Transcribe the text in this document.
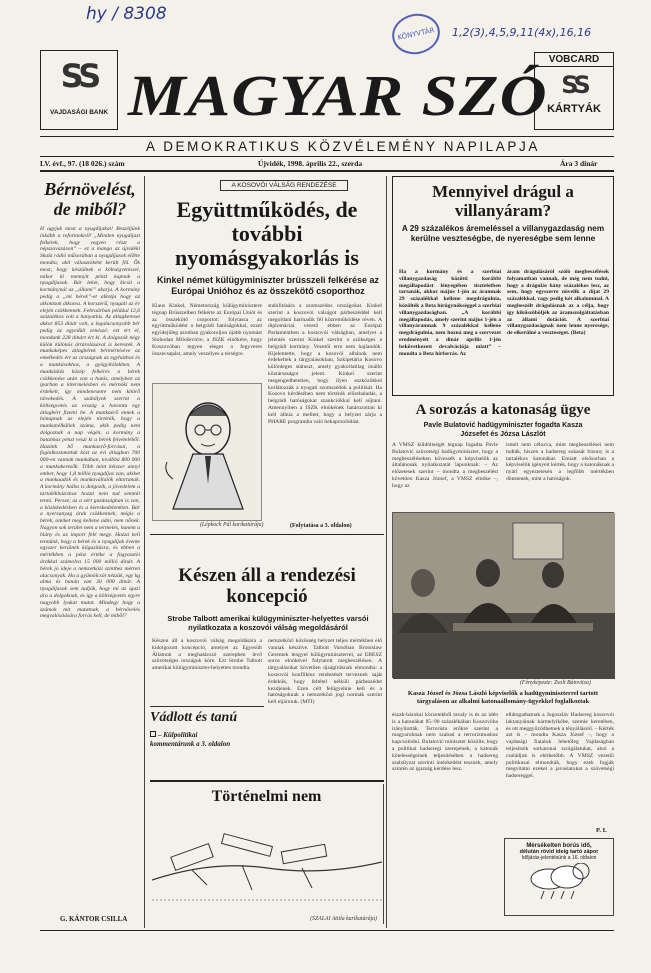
hy / 8308
1,2(3),4,5,9,11(4x),16,16
KÖNYVTÁR
SS
VAJDASÁGI BANK
VOBCARD
SS
KÁRTYÁK
MAGYAR SZÓ
A DEMOKRATIKUS KÖZVÉLEMÉNY NAPILAPJA
LV. évf., 97. (18 026.) szám	Újvidék, 1998. április 22., szerda	Ára 3 dinár
Bérnövelést, de miből?
H agyjuk most a nyugdíjakat! Beszéljünk inkább a reformokról! „Minden nyugdíjast felkérek, hogy vegyen részt a népszavazáson” – ez a mango az újvidéki Skala rádió műsorában a nyugdíjasok előtte mondta, akit választóként került föl. Ők most, hogy készülnek a költségvetéssel, mikor ki mennyit pénzt kapnak a nyugdíjasok. Bár leket, hogy kicsit a kormánynál az „állami” akarja. A kormány pedig a „mi bérek”-et alkotja hogy az alkotások átkozva. A korszerű, nyugati az év elején csökkennek. Februárban például 12,6 százalékos volt a hanyatlás. Az átlagkereset akkor 853 dinár volt, a legalacsonyabb bér pedig az egyedüli zenészé: ezt ért el, mondunk 228 dinárt ért ki. A dolgozók négy külön különös ártárolásával is kerestek. A munkaképes átlagbérek bérmértéséve az emelkedés ért az országnak az egyházhoz és a munkásokhoz, a gyógyítólakben. A munkáskéz közép felkérés a bérek csökkenése után van a hatás, amelyben az iparban a kitermelésben és mérnöki nem érdekelt, így mindenesetre nem kitörő növekedés. A szabályok szerint a költségvetés az ország a havonta egy átlagbért fizetni be. A munkaerő ennek a hónapnak az elején történik, hogy a munkanélküliek száma, akik pedig nem dolgoznak a nap végén, a kormány a hatalmas pénzt veszi ki a bérek felvételéből. Hazánk bő munkaerő-forrásai, a foglalkoztatottak közt az évi átlagban 700 000-en vannak munkában, továbbá 800 000 a munkakeresők. Több mint kétszer annyi ember, hogy 1,8 millió nyugdíjas van, akiket a munkaadók és munkavállalók eltartanak. A kormány hiába is dolgozik, a jövedelem a tartalékbázishoz hozzá nem tud semmit tenni. Persze, az a sért gazdaságban is van, a közlekedésben és a kereskedelemben. Bár a nyersanyag árak csökkennek, mégis a bérek, amiket meg kellene adni, nem nőnek. Nagyon sok terület nem a termelés, hanem a hiány és az import felé megy. Hozzá kell tennünk, hogy a bérek és a nyugdíjak évente egyszer kerülnek kiigazításra, és ebben a mértékben a pénz értéke a fogyasztói árakkal számolva 15 000 millió dinár. A bérek jó ideje a nemzetközi szinthez mérten alacsonyak. Ha a gyümölcsöt nézzük, egy kg alma és banán van 30 000 dinár. A nyugdíjasok sem tudják, hogy mi az igazi ára a dolgoknak, és így a költségvetés egyre nagyobb lyukat mutat. Mindegy hogy a számok mit mutatnak, a bérnövelés megvalósítására forrás kell, de miből?
G. KÁNTOR CSILLA
A KOSOVÓI VÁLSÁG RENDEZÉSE
Együttműködés, de további nyomásgyakorlás is
Kinkel német külügyminiszter brüsszeli felkérése az Európai Unióhoz és az összekötő csoporthoz
Klaus Kinkel, Németország külügyminisztere tegnap Brüsszelben felkérte az Európai Uniót és az összekötő csoportot: folytassa az együttműködést a belgrádi hatóságokkal, ezzel egyidejűleg azonban gyakoroljon újabb nyomást Slobodan Miloševićre, a JSZK elnökére, hogy Koszovóban tegyen eleget a fegyveres összecsapást, amely veszélyes a térségre.
stabilitására a szomszédos országokat. Kinkel szerint a koszovói válságot párbeszéddel kell megoldani harmadik fél közreműködése révén. A diplomáciai vezető ebben az Európai Parlamentben a koszovói válságban, amelyet a jelentés szerint Kinkel szerint a szükséges a belgrádi kormány. Vezetői erre nem hajlandók. Kijelentette, hogy a kosovói albánok nem érdekeltek a tárgyalásokban, Szkipetária Kosovo különleges státuszt, amely gyakorlatilag önálló köztársaságot jelent. Kinkel szerint megengedhetetlen, hogy ilyen eszközökkel korlátozzák a nyugati szomszédok a politikát. Ha Kosovo kérdésében nem történik előrehaladás, a belgrádi hatóságokat szankciókkal kell sújtani. Amennyiben a JSZK elnökének határozottan ki kell állnia a mellett, hogy a helyzet zárja a PHARE programba való bekapcsolódást.
(Lépkoch Pál karikatúrája)	(Folytatása a 3. oldalon)
Készen áll a rendezési koncepció
Strobe Talbott amerikai külügyminiszter-helyettes varsói nyilatkozata a koszovói válság megoldásáról
Készen áll a koszovói válság megoldására a kidolgozott koncepció, amelyet az Egyesült Államok a meghatározó szerepben levő szövetséges országok köre. Ezt Strobe Talbott amerikai külügyminiszter-helyettes mondta.
nemzetközi közösség helyzet teljes mértékben elő vannak készítve. Talbott Varsóban Bronislaw Geremek lengyel külügyminiszterrel, az EBESZ soros elnökével folytatott megbeszélésen. A tárgyalásokat követően újságíróknak elmondta: a koszovói konfliktus rendezését terveznek saját érdekük, hogy feltétel nélküli párbeszédet kezdjenek. Ezen célt felügyelnie kell és a hatóságoknak a nemzetközi jogi normák szerint kell eljárniuk. (MTI)
Vádlott és tanú
– Külpolitikai
kommentárunk a 3. oldalon
Történelmi nem
(SZALAI Attila karikatúrája)
Mennyivel drágul a villanyáram?
A 29 százalékos áremeléssel a villanygazdaság nem kerülne veszteségbe, de nyereségbe sem lenne
Ha a kormány és a szerbiai villanygazdaság közötti korábbi megállapodást lényegében tiszteletben tartanák, akkor május 1-jén az áramnak 29 százalékkal kellene megdrágulnia, közölték a Beta hírügynökséggel a szerbiai villanygazdaságban. „A korábbi megállapodás, amely szerint május 1-jén a villanyáramnak 9 százalékkal kellene megdrágulnia, nem hozná meg a szervezet eredményeit a dinár április 1-jén bekövetkezett devalvációja miatt” – mondta a Beta hírforrás. Az
áram drágulásáról szóló megbeszélések folyamatban vannak, de még nem tudni, hogy a drágulás hány százalékos lesz, az sem, hogy egyszerre növelik a díjat 29 százalékkal, vagy pedig két alkalommal. A megbeszélt drágulásnak az a célja, hogy így kiküszöböljék az áramszolgáltatásban az állami dotációt. A szerbiai villanygazdaságnak nem lenne nyeresége, de elkerülné a veszteséget. (Beta)
A sorozás a katonaság ügye
Pavle Bulatović hadügyminiszter fogadta Kasza Józsefet és Józsa Lászlót
A VMSZ küldöttségét tegnap fogadta Pavle Bulatović szövetségi hadügyminiszter, hogy a megbeszéléseken kövessék a képviselők az általánosak nyilatkozatát lapunknak: – Az előzetesek szerint – mondta a megbeszélést követően Kasza József, a VMSZ elnöke –, hogy az
ismét nem célozva, mint megbeszélései nem tudták, hiszen a hadsereg sokasát bizony is a tartalékos katonákat. Emiatt elsősorban a képviselők igényeit kérték, hogy a katonáknak a nyári egyeztetésén a legfőbb mértékben döntsenek, mint a hatóságok.
(Fényképezte: Zsolt Bátovitsa)
Kasza József és Józsa László képviselők a hadügyminiszterrel tartott tárgyaláson az alkalmi katonaállomány-ügyekkel foglalkoztak
észak-bácskai körzetekből tavaly is és az idén is a katonákat 85–90 százalékában Koszovóba irányították. Terrorista erőkre szerint a magyaroknak nem szabad a terrorizmushoz kapcsolódni. Bulatović miniszter közölte, hogy a politikai hadseregi szerepének, a katonák kötelességeinek teljesítésében a hadsereg szabályzat szerinti intézkedést tesznek, amely szintén az igazság kérdése lesz.
ellátogathatnak a Jugoszláv Hadsereg koszovói laktanyáinak bármelyikébe, szemle keretében, és ott meggyőződhetnek a tényállásról. – Kérték azt is – mondta Kasza József –, hogy a vajdasági fiatalok lehetőleg Vajdaságban teljesítsék sorkatonai szolgálatukat, ahol a családjuk is elérhetőbb. A VMSZ vezetői politikusai elmondták, hogy ezek fogják megvitatni ezeket a javaslatokat a szövetségi hadsereggel.
P. I.
Mérsékelten borús idő,
délután rövid ideig tartó zápor
Időjárás-jelentésünk a 16. oldalon
